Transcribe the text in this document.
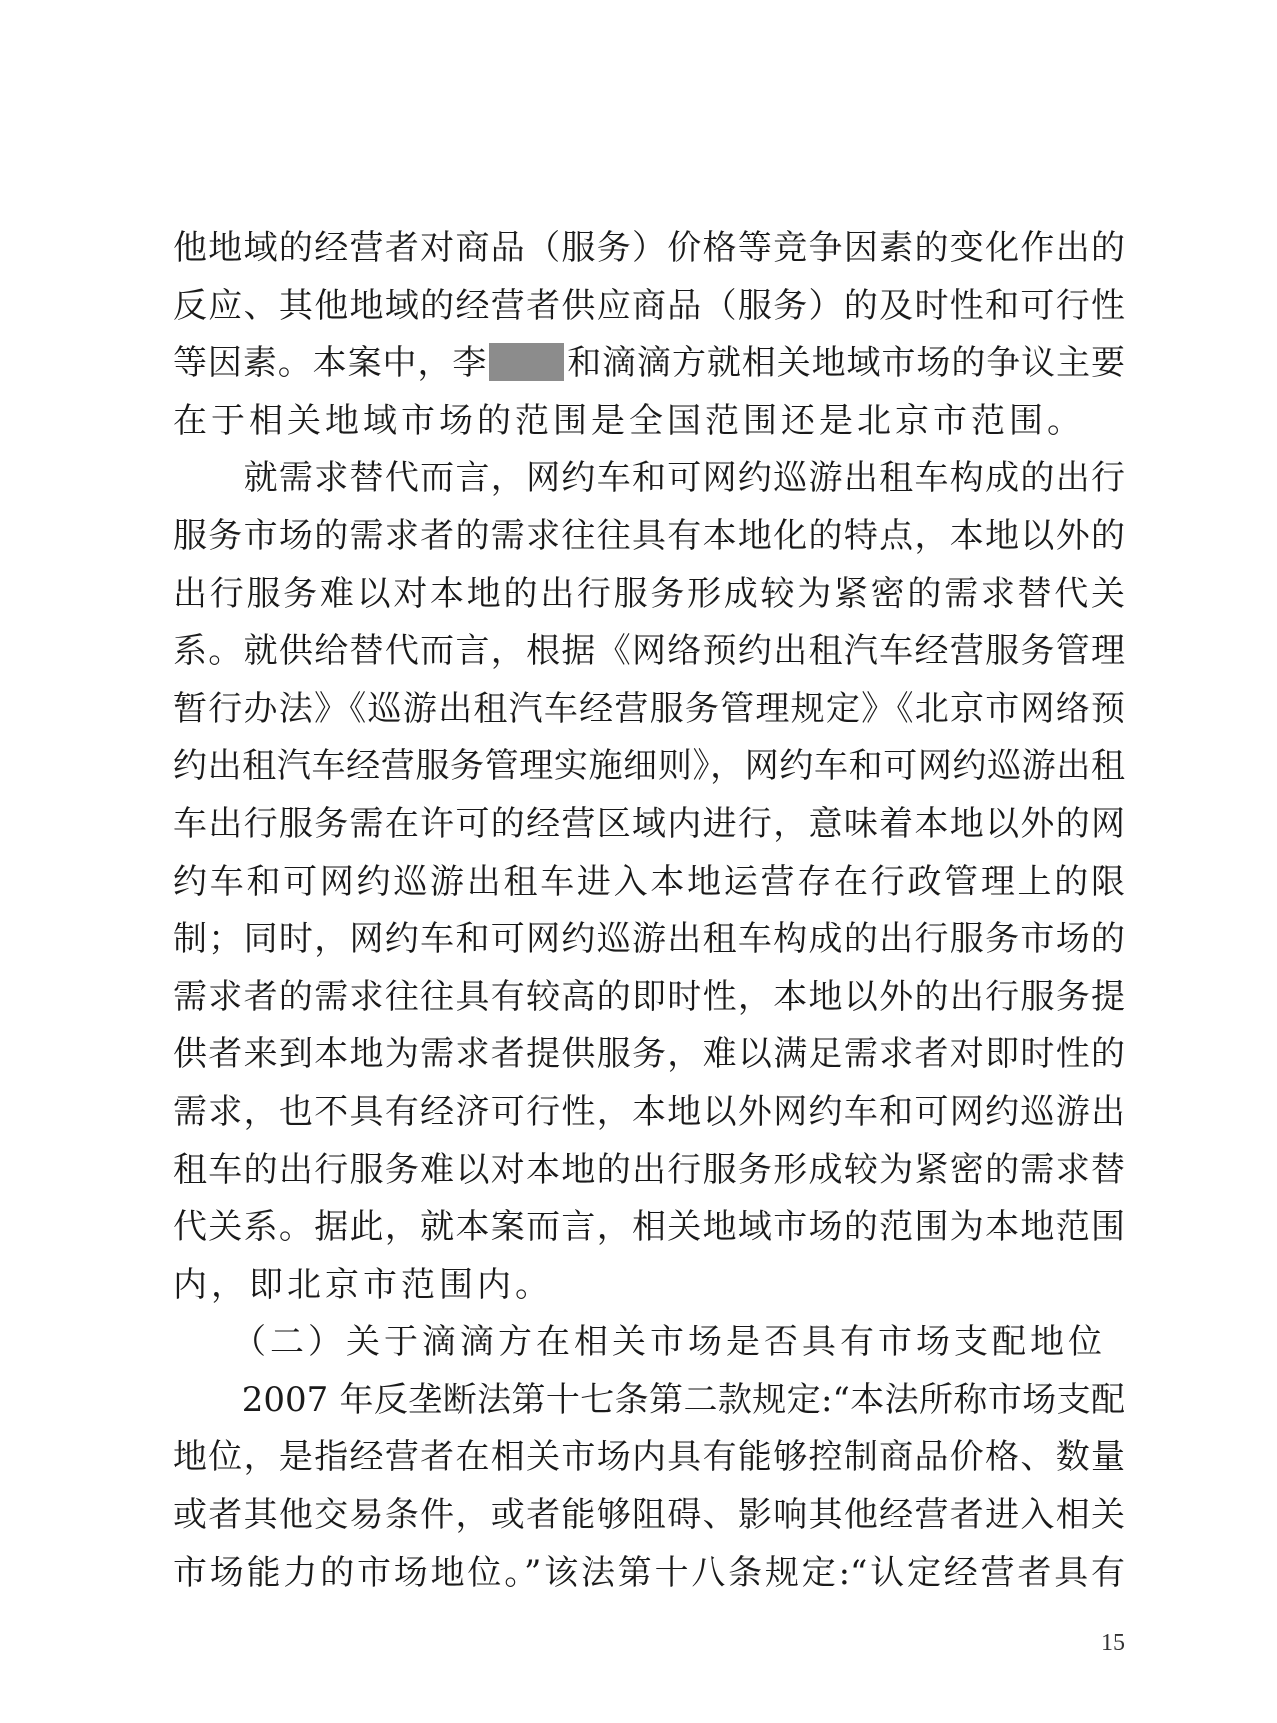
他地域的经营者对商品（服务）价格等竞争因素的变化作出的
反应、其他地域的经营者供应商品（服务）的及时性和可行性
等因素。本案中，李 和滴滴方就相关地域市场的争议主要
在于相关地域市场的范围是全国范围还是北京市范围。
　　就需求替代而言，网约车和可网约巡游出租车构成的出行
服务市场的需求者的需求往往具有本地化的特点，本地以外的
出行服务难以对本地的出行服务形成较为紧密的需求替代关
系。就供给替代而言，根据《网络预约出租汽车经营服务管理
暂行办法》《巡游出租汽车经营服务管理规定》《北京市网络预
约出租汽车经营服务管理实施细则》，网约车和可网约巡游出租
车出行服务需在许可的经营区域内进行，意味着本地以外的网
约车和可网约巡游出租车进入本地运营存在行政管理上的限
制；同时，网约车和可网约巡游出租车构成的出行服务市场的
需求者的需求往往具有较高的即时性，本地以外的出行服务提
供者来到本地为需求者提供服务，难以满足需求者对即时性的
需求，也不具有经济可行性，本地以外网约车和可网约巡游出
租车的出行服务难以对本地的出行服务形成较为紧密的需求替
代关系。据此，就本案而言，相关地域市场的范围为本地范围
内，即北京市范围内。
　　（二）关于滴滴方在相关市场是否具有市场支配地位
　　2007 年反垄断法第十七条第二款规定:“本法所称市场支配
地位，是指经营者在相关市场内具有能够控制商品价格、数量
或者其他交易条件，或者能够阻碍、影响其他经营者进入相关
市场能力的市场地位。”该法第十八条规定:“认定经营者具有
15
